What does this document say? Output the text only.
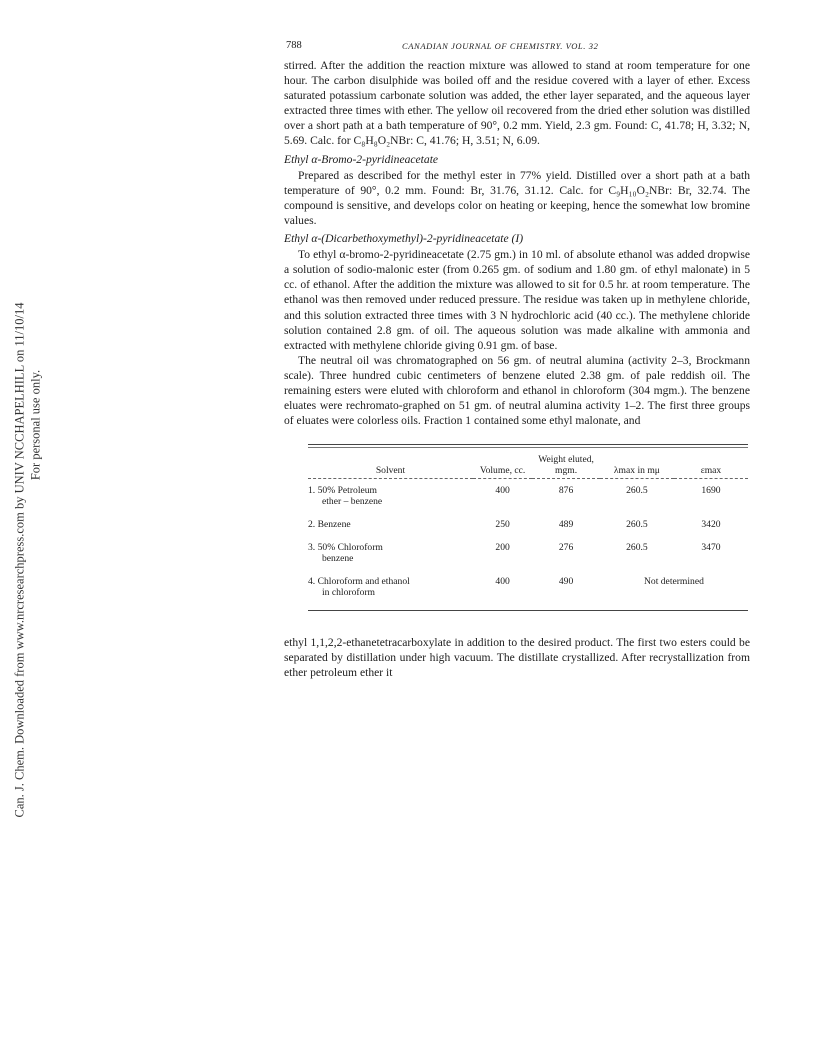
Can. J. Chem. Downloaded from www.nrcresearchpress.com by UNIV NCCHAPELHILL on 11/10/14 For personal use only.
788	CANADIAN JOURNAL OF CHEMISTRY. VOL. 32

stirred. After the addition the reaction mixture was allowed to stand at room temperature for one hour. The carbon disulphide was boiled off and the residue covered with a layer of ether. Excess saturated potassium carbonate solution was added, the ether layer separated, and the aqueous layer extracted three times with ether. The yellow oil recovered from the dried ether solution was distilled over a short path at a bath temperature of 90°, 0.2 mm. Yield, 2.3 gm. Found: C, 41.78; H, 3.32; N, 5.69. Calc. for C₈H₈O₂NBr: C, 41.76; H, 3.51; N, 6.09.

Ethyl α-Bromo-2-pyridineacetate

Prepared as described for the methyl ester in 77% yield. Distilled over a short path at a bath temperature of 90°, 0.2 mm. Found: Br, 31.76, 31.12. Calc. for C₉H₁₀O₂NBr: Br, 32.74. The compound is sensitive, and develops color on heating or keeping, hence the somewhat low bromine values.

Ethyl α-(Dicarbethoxymethyl)-2-pyridineacetate (I)

To ethyl α-bromo-2-pyridineacetate (2.75 gm.) in 10 ml. of absolute ethanol was added dropwise a solution of sodio-malonic ester (from 0.265 gm. of sodium and 1.80 gm. of ethyl malonate) in 5 cc. of ethanol. After the addition the mixture was allowed to sit for 0.5 hr. at room temperature. The ethanol was then removed under reduced pressure. The residue was taken up in methylene chloride, and this solution extracted three times with 3 N hydrochloric acid (40 cc.). The methylene chloride solution contained 2.8 gm. of oil. The aqueous solution was made alkaline with ammonia and extracted with methylene chloride giving 0.91 gm. of base.

The neutral oil was chromatographed on 56 gm. of neutral alumina (activity 2–3, Brockmann scale). Three hundred cubic centimeters of benzene eluted 2.38 gm. of pale reddish oil. The remaining esters were eluted with chloroform and ethanol in chloroform (304 mgm.). The benzene eluates were rechromato-graphed on 51 gm. of neutral alumina activity 1–2. The first three groups of eluates were colorless oils. Fraction 1 contained some ethyl malonate, and

Solvent	Volume, cc.	Weight eluted, mgm.	λmax in mμ	εmax

1. 50% Petroleum
ether – benzene	400	876	260.5	1690
2. Benzene	250	489	260.5	3420
3. 50% Chloroform
benzene	200	276	260.5	3470
4. Chloroform and ethanol
in chloroform	400	490	Not determined	

ethyl 1,1,2,2-ethanetetracarboxylate in addition to the desired product. The first two esters could be separated by distillation under high vacuum. The distillate crystallized. After recrystallization from ether petroleum ether it
